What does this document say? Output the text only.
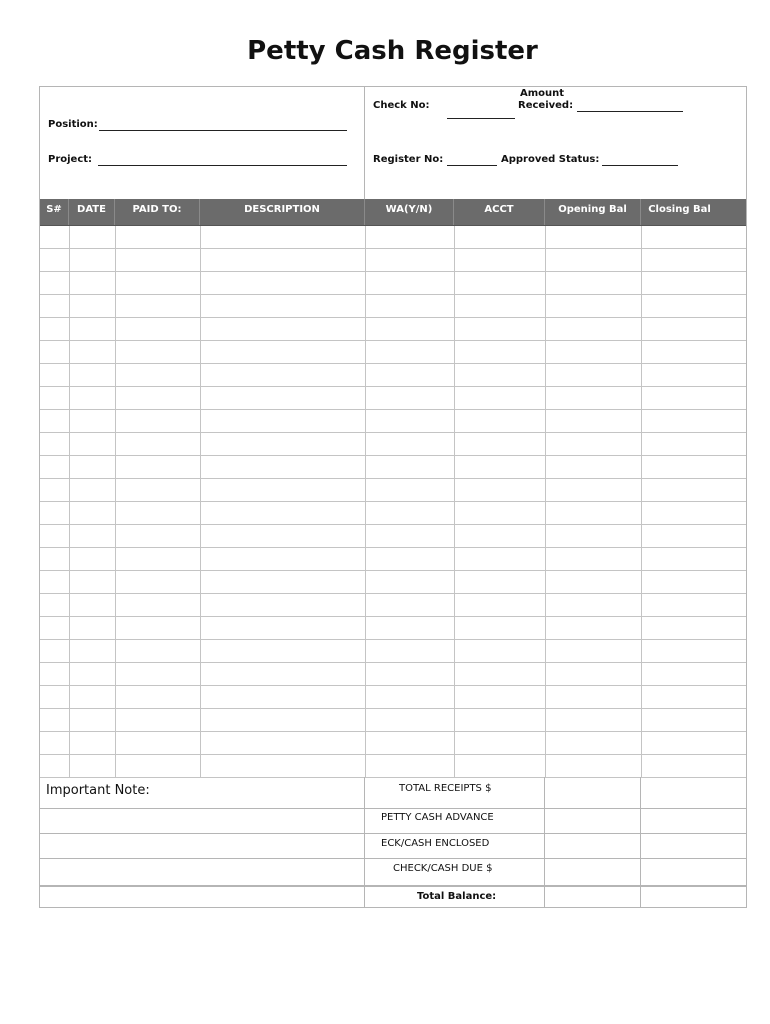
Petty Cash Register
Position:
Project:
Check No:
Amount
Received:
Register No:	Approved Status:
S#	DATE	PAID TO:	DESCRIPTION	WA(Y/N)	ACCT	Opening Bal	Closing Bal
Important Note:	TOTAL RECEIPTS $
PETTY CASH ADVANCE
ECK/CASH ENCLOSED
CHECK/CASH DUE $
Total Balance:
